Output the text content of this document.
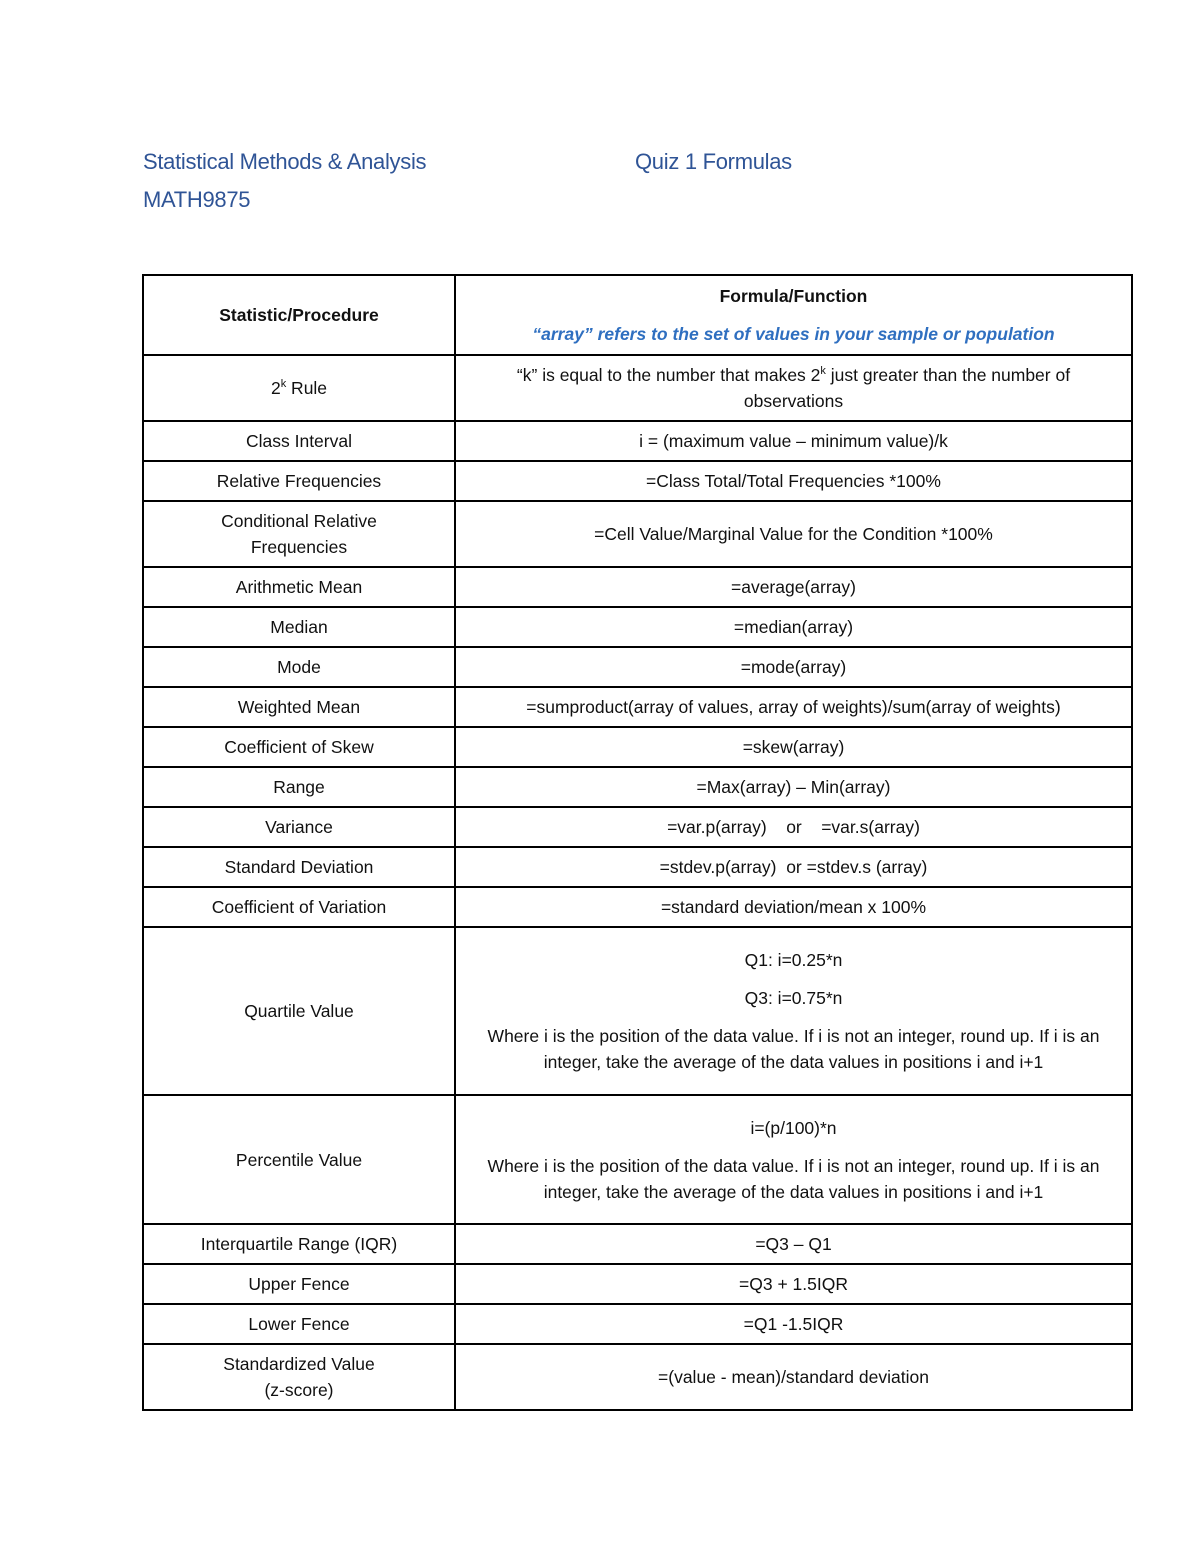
Statistical Methods & Analysis	Quiz 1 Formulas
MATH9875
Statistic/Procedure	Formula/Function
“array” refers to the set of values in your sample or population

2$^k$ Rule	“k” is equal to the number that makes 2$^k$ just greater than the number of observations
Class Interval	i = (maximum value – minimum value)/k
Relative Frequencies	=Class Total/Total Frequencies *100%
Conditional Relative Frequencies	=Cell Value/Marginal Value for the Condition *100%
Arithmetic Mean	=average(array)
Median	=median(array)
Mode	=mode(array)
Weighted Mean	=sumproduct(array of values, array of weights)/sum(array of weights)
Coefficient of Skew	=skew(array)
Range	=Max(array) – Min(array)
Variance	=var.p(array)    or    =var.s(array)
Standard Deviation	=stdev.p(array)  or =stdev.s (array)
Coefficient of Variation	=standard deviation/mean x 100%
Quartile Value	Q1: i=0.25*n
Q3: i=0.75*n
Where i is the position of the data value. If i is not an integer, round up. If i is an integer, take the average of the data values in positions i and i+1

Percentile Value	i=(p/100)*n
Where i is the position of the data value. If i is not an integer, round up. If i is an integer, take the average of the data values in positions i and i+1

Interquartile Range (IQR)	=Q3 – Q1
Upper Fence	=Q3 + 1.5IQR
Lower Fence	=Q1 -1.5IQR

Standardized Value
(z-score)	=(value - mean)/standard deviation
